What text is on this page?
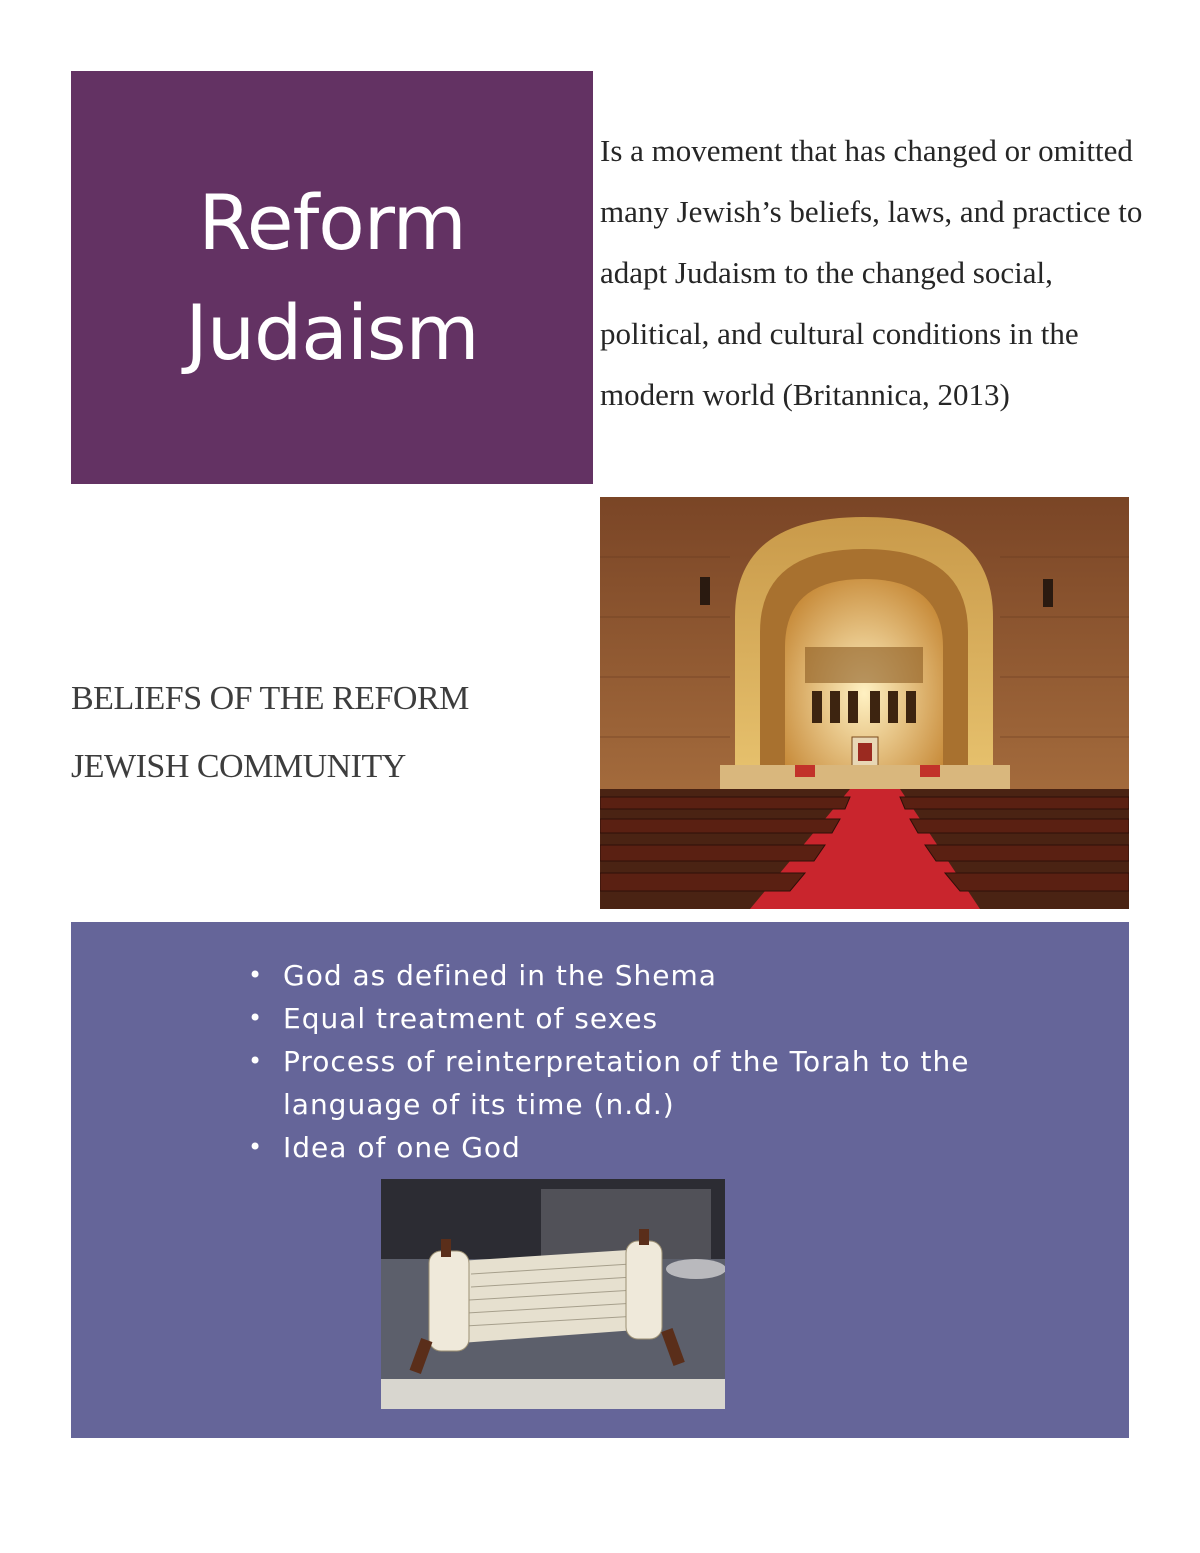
Reform
Judaism

Is a movement that has changed or omitted many Jewish’s beliefs, laws, and practice to adapt Judaism to the changed social, political, and cultural conditions in the modern world (Britannica, 2013)

BELIEFS OF THE REFORM
JEWISH COMMUNITY
• God as defined in the Shema
• Equal treatment of sexes
• Process of reinterpretation of the Torah to the language of its time (n.d.)
• Idea of one God
